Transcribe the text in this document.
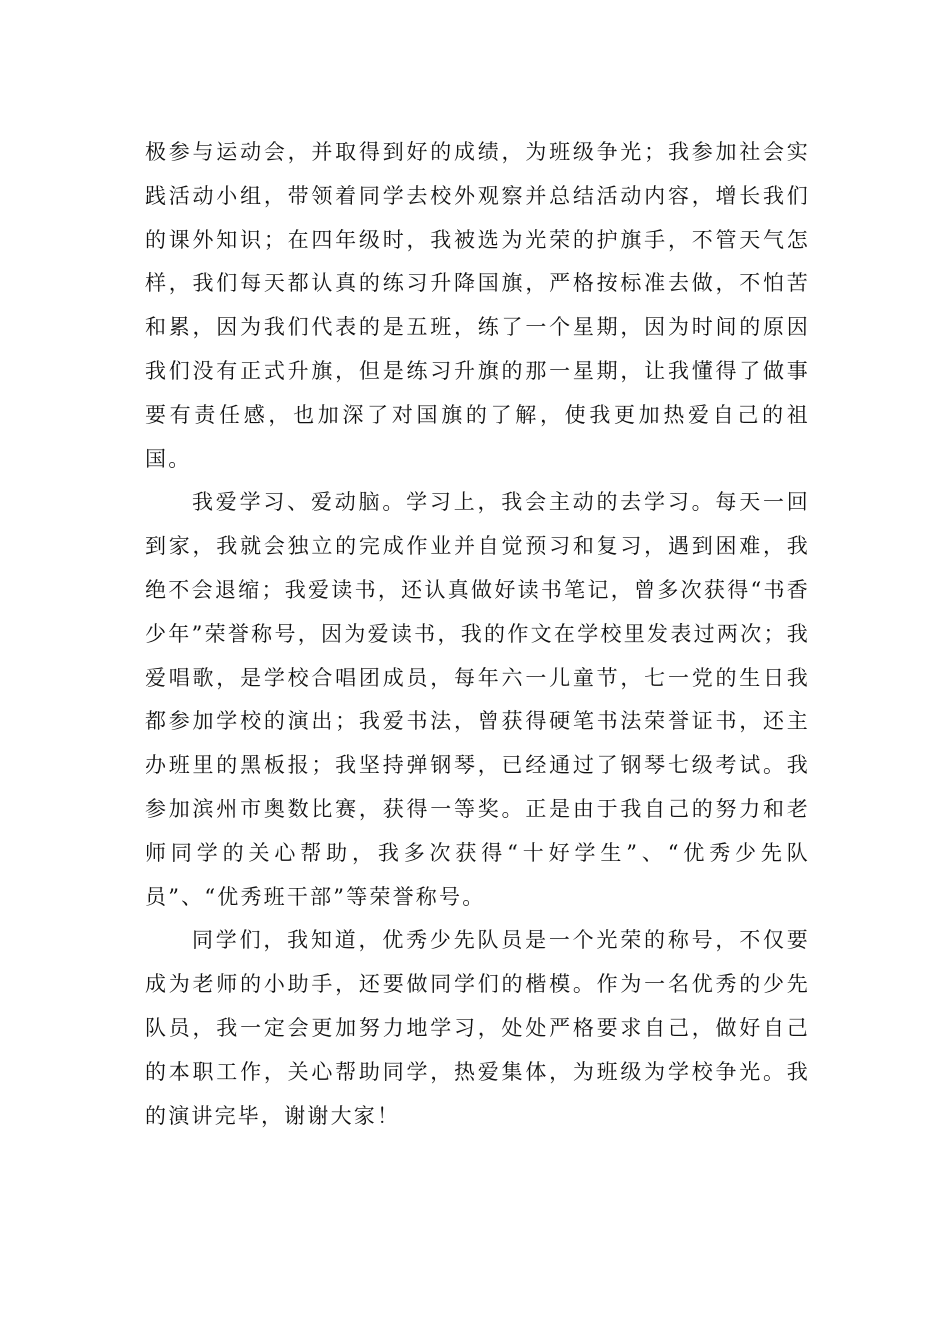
极参与运动会，并取得到好的成绩，为班级争光；我参加社会实践活动小组，带领着同学去校外观察并总结活动内容，增长我们的课外知识；在四年级时，我被选为光荣的护旗手，不管天气怎样，我们每天都认真的练习升降国旗，严格按标准去做，不怕苦和累，因为我们代表的是五班，练了一个星期，因为时间的原因我们没有正式升旗，但是练习升旗的那一星期，让我懂得了做事要有责任感，也加深了对国旗的了解，使我更加热爱自己的祖国。

我爱学习、爱动脑。学习上，我会主动的去学习。每天一回到家，我就会独立的完成作业并自觉预习和复习，遇到困难，我绝不会退缩；我爱读书，还认真做好读书笔记，曾多次获得“书香少年”荣誉称号，因为爱读书，我的作文在学校里发表过两次；我爱唱歌，是学校合唱团成员，每年六一儿童节，七一党的生日我都参加学校的演出；我爱书法，曾获得硬笔书法荣誉证书，还主办班里的黑板报；我坚持弹钢琴，已经通过了钢琴七级考试。我参加滨州市奥数比赛，获得一等奖。正是由于我自己的努力和老师同学的关心帮助，我多次获得“十好学生”、“优秀少先队员”、“优秀班干部”等荣誉称号。

同学们，我知道，优秀少先队员是一个光荣的称号，不仅要成为老师的小助手，还要做同学们的楷模。作为一名优秀的少先队员，我一定会更加努力地学习，处处严格要求自己，做好自己的本职工作，关心帮助同学，热爱集体，为班级为学校争光。我的演讲完毕，谢谢大家！
